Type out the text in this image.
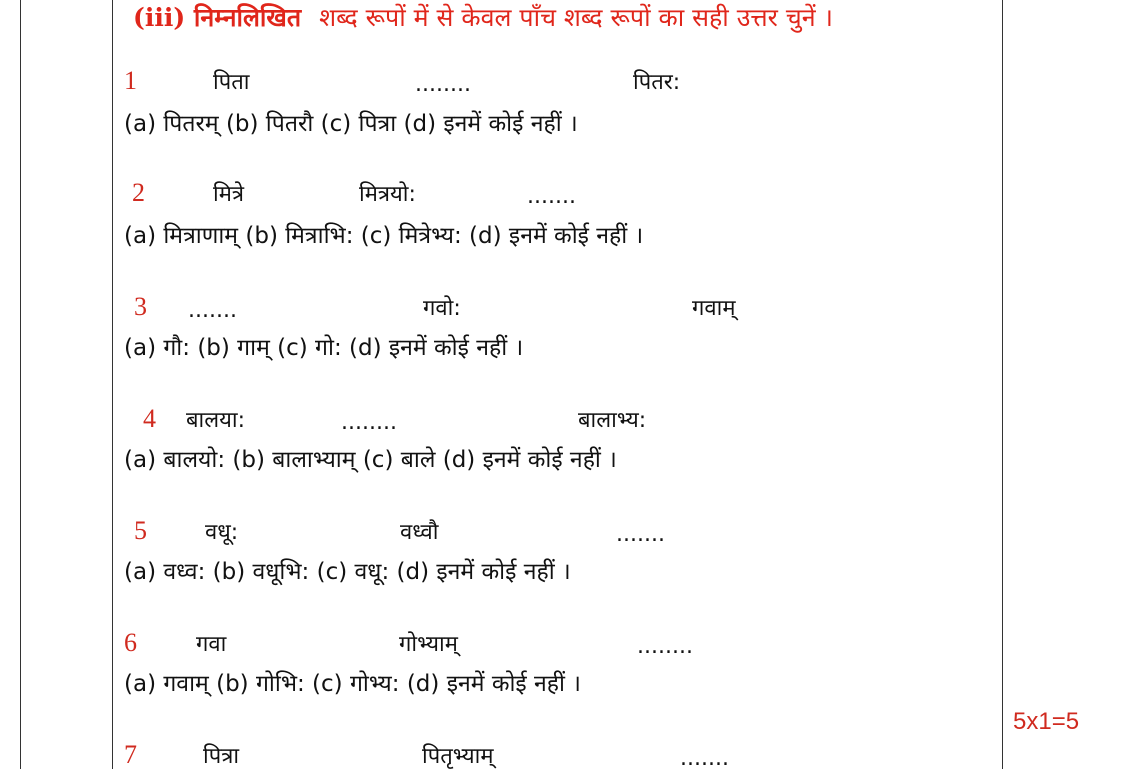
(iii) निम्नलिखित शब्द रूपों में से केवल पाँच शब्द रूपों का सही उत्तर चुनें ।
1	पिता	........	पितर:
(a) पितरम् (b) पितरौ (c) पित्रा (d) इनमें कोई नहीं ।
2	मित्रे	मित्रयो:	.......
(a) मित्राणाम् (b) मित्राभि: (c) मित्रेभ्य: (d) इनमें कोई नहीं ।
3 .......	गवो:	गवाम्
(a) गौ: (b) गाम् (c) गो: (d) इनमें कोई नहीं ।
4 बालया:	........	बालाभ्य:
(a) बालयो: (b) बालाभ्याम् (c) बाले (d) इनमें कोई नहीं ।
5	वधू:	वध्वौ	.......
(a) वध्व: (b) वधूभि: (c) वधू: (d) इनमें कोई नहीं ।
6	गवा	गोभ्याम्	........
(a) गवाम् (b) गोभि: (c) गोभ्य: (d) इनमें कोई नहीं ।
5x1=5
7	पित्रा	पितृभ्याम्	.......
